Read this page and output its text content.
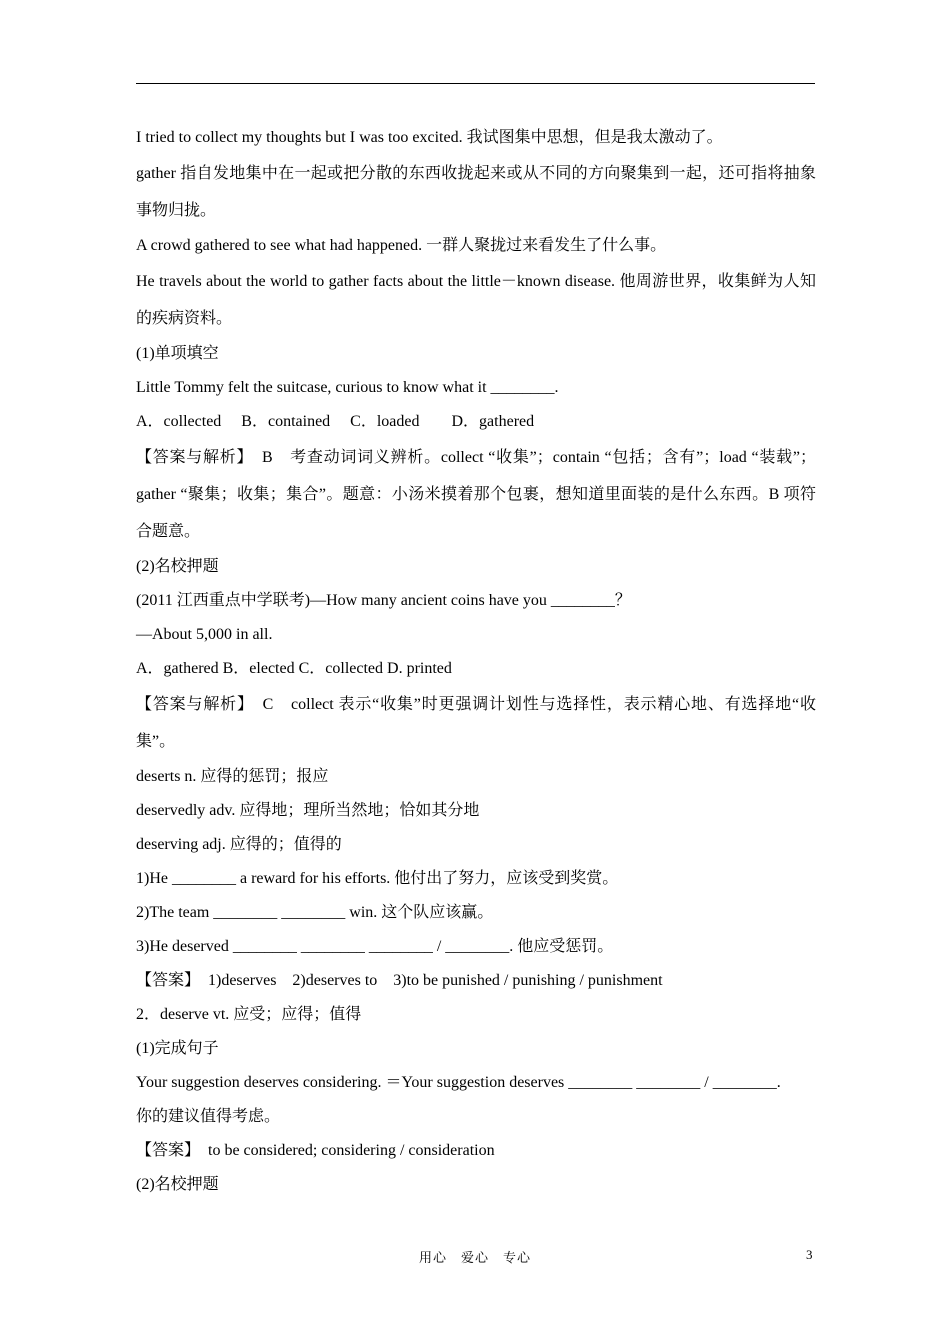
I tried to collect my thoughts but I was too excited. 我试图集中思想，但是我太激动了。
gather 指自发地集中在一起或把分散的东西收拢起来或从不同的方向聚集到一起，还可指将抽象事物归拢。
A crowd gathered to see what had happened. 一群人聚拢过来看发生了什么事。
He travels about the world to gather facts about the little－known disease. 他周游世界，收集鲜为人知的疾病资料。
(1)单项填空
Little Tommy felt the suitcase, curious to know what it ________.
A．collected　 B．contained　 C．loaded　　D．gathered
【答案与解析】　B　考查动词词义辨析。collect “收集”；contain “包括；含有”；load “装载”；gather “聚集；收集；集合”。题意：小汤米摸着那个包裹，想知道里面装的是什么东西。B 项符合题意。
(2)名校押题
(2011 江西重点中学联考)—How many ancient coins have you ________？
—About 5,000 in all.
A．gathered B．elected C．collected D. printed
【答案与解析】　C　collect 表示“收集”时更强调计划性与选择性，表示精心地、有选择地“收集”。
deserts n. 应得的惩罚；报应
deservedly adv. 应得地；理所当然地；恰如其分地
deserving adj. 应得的；值得的
1)He ________ a reward for his efforts. 他付出了努力，应该受到奖赏。
2)The team ________ ________ win. 这个队应该赢。
3)He deserved ________ ________ ________ / ________. 他应受惩罚。
【答案】　1)deserves　2)deserves to　3)to be punished / punishing / punishment
2．deserve vt. 应受；应得；值得
(1)完成句子
Your suggestion deserves considering. ＝Your suggestion deserves ________ ________ / ________.
你的建议值得考虑。
【答案】　to be considered; considering / consideration
(2)名校押题
用心　爱心　专心	3
